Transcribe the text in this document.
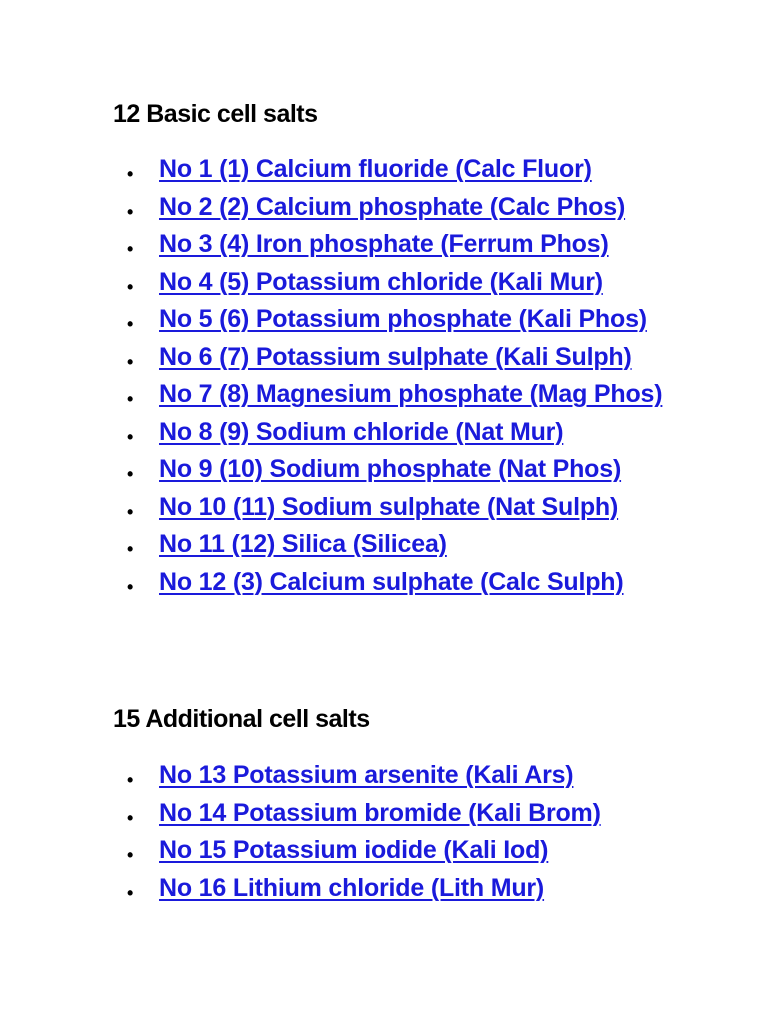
12 Basic cell salts
• No 1 (1) Calcium fluoride (Calc Fluor)
• No 2 (2) Calcium phosphate (Calc Phos)
• No 3 (4) Iron phosphate (Ferrum Phos)
• No 4 (5) Potassium chloride (Kali Mur)
• No 5 (6) Potassium phosphate (Kali Phos)
• No 6 (7) Potassium sulphate (Kali Sulph)
• No 7 (8) Magnesium phosphate (Mag Phos)
• No 8 (9) Sodium chloride (Nat Mur)
• No 9 (10) Sodium phosphate (Nat Phos)
• No 10 (11) Sodium sulphate (Nat Sulph)
• No 11 (12) Silica (Silicea)
• No 12 (3) Calcium sulphate (Calc Sulph)
15 Additional cell salts
• No 13 Potassium arsenite (Kali Ars)
• No 14 Potassium bromide (Kali Brom)
• No 15 Potassium iodide (Kali Iod)
• No 16 Lithium chloride (Lith Mur)
